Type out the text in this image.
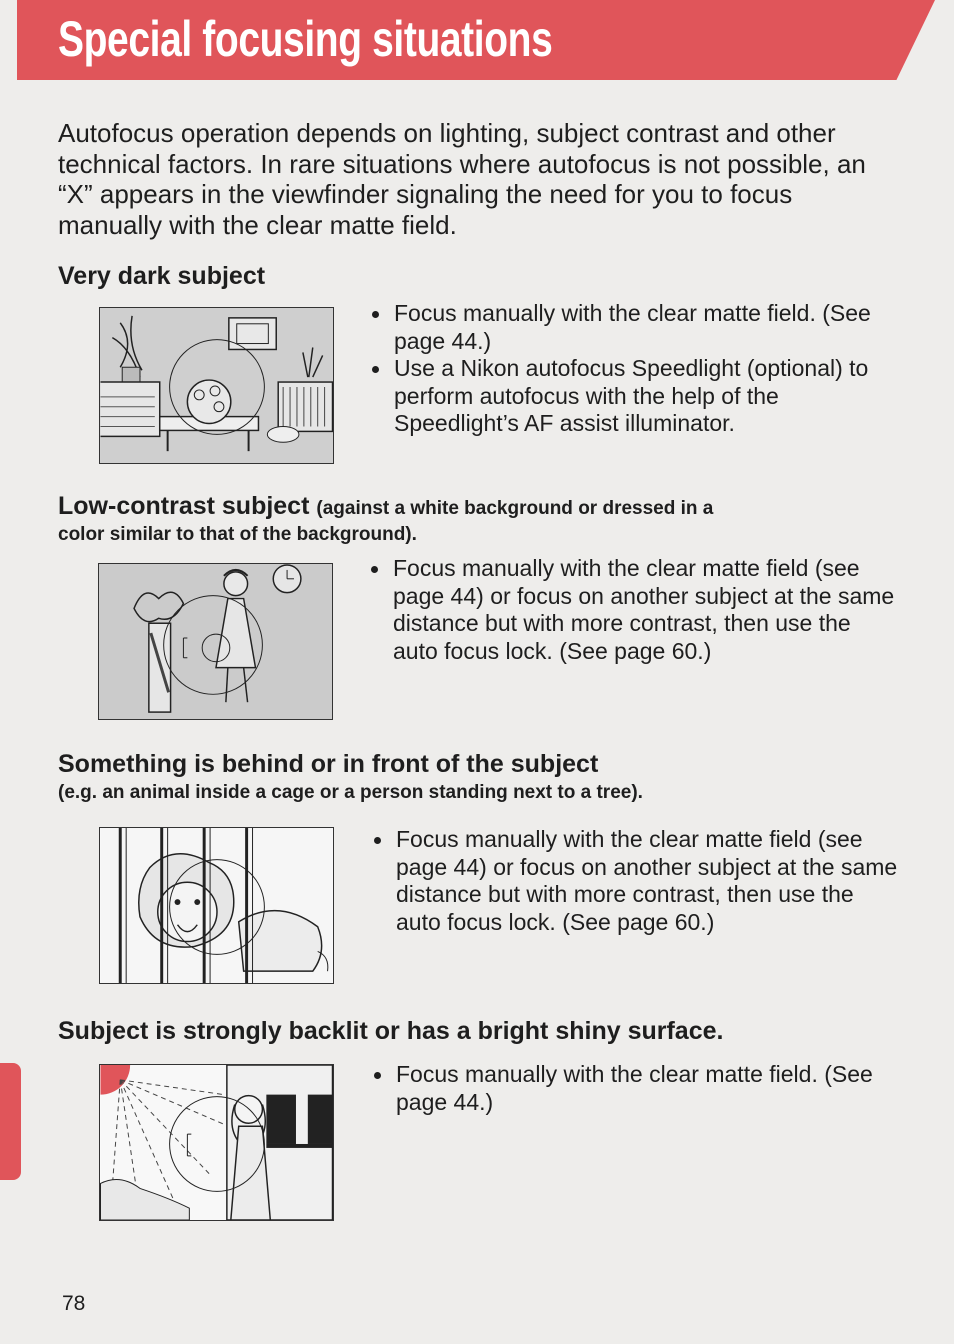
Special focusing situations

Autofocus operation depends on lighting, subject contrast and other technical factors. In rare situations where autofocus is not possible, an “X” appears in the viewfinder signaling the need for you to focus manually with the clear matte field.

Very dark subject
Focus manually with the clear matte field. (See page 44.)
Use a Nikon autofocus Speedlight (optional) to perform autofocus with the help of the Speedlight’s AF assist illuminator.
Low-contrast subject (against a white background or dressed in a

color similar to that of the background).

Focus manually with the clear matte field (see page 44) or focus on another subject at the same distance but with more contrast, then use the auto focus lock. (See page 60.)
Something is behind or in front of the subject

(e.g. an animal inside a cage or a person standing next to a tree).

Focus manually with the clear matte field (see page 44) or focus on another subject at the same distance but with more contrast, then use the auto focus lock. (See page 60.)
Subject is strongly backlit or has a bright shiny surface.
Focus manually with the clear matte field. (See page 44.)
78
